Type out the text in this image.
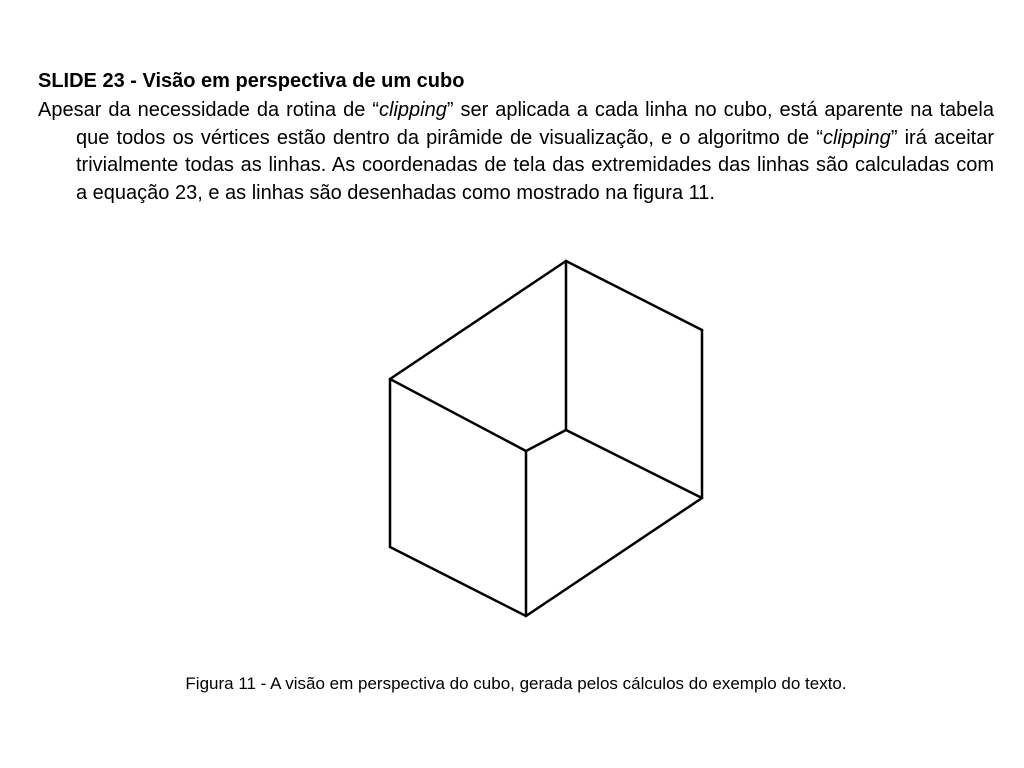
SLIDE 23 - Visão em perspectiva de um cubo

Apesar da necessidade da rotina de “clipping” ser aplicada a cada linha no cubo, está aparente na tabela que todos os vértices estão dentro da pirâmide de visualização, e o algoritmo de “clipping” irá aceitar trivialmente todas as linhas. As coordenadas de tela das extremidades das linhas são calculadas com a equação 23, e as linhas são desenhadas como mostrado na figura 11.

Figura 11 - A visão em perspectiva do cubo, gerada pelos cálculos do exemplo do texto.
